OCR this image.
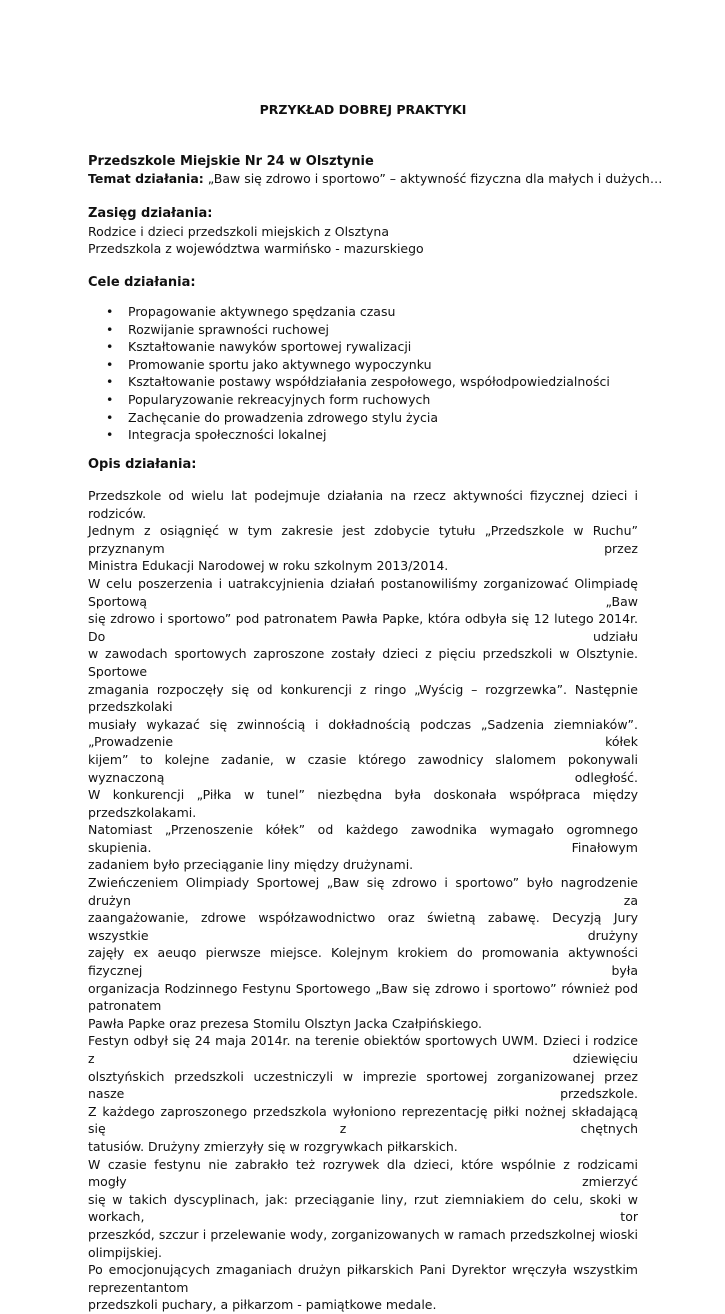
PRZYKŁAD DOBREJ PRAKTYKI
Przedszkole Miejskie Nr 24 w Olsztynie
Temat działania: „Baw się zdrowo i sportowo” – aktywność fizyczna dla małych i dużych…
Zasięg działania:
Rodzice i dzieci przedszkoli miejskich z Olsztyna
Przedszkola z województwa warmińsko - mazurskiego
Cele działania:
• Propagowanie aktywnego spędzania czasu
• Rozwijanie sprawności ruchowej
• Kształtowanie nawyków sportowej rywalizacji
• Promowanie sportu jako aktywnego wypoczynku
• Kształtowanie postawy współdziałania zespołowego, współodpowiedzialności
• Popularyzowanie rekreacyjnych form ruchowych
• Zachęcanie do prowadzenia zdrowego stylu życia
• Integracja społeczności lokalnej
Opis działania:
Przedszkole od wielu lat podejmuje działania na rzecz aktywności fizycznej dzieci i rodziców.
Jednym z osiągnięć w tym zakresie jest zdobycie tytułu „Przedszkole w Ruchu” przyznanym przez
Ministra Edukacji Narodowej w roku szkolnym 2013/2014.
W celu poszerzenia i uatrakcyjnienia działań postanowiliśmy zorganizować Olimpiadę Sportową „Baw
się zdrowo i sportowo” pod patronatem Pawła Papke, która odbyła się 12 lutego 2014r. Do udziału
w zawodach sportowych zaproszone zostały dzieci z pięciu przedszkoli w Olsztynie. Sportowe
zmagania rozpoczęły się od konkurencji z ringo „Wyścig – rozgrzewka”. Następnie przedszkolaki
musiały wykazać się zwinnością i dokładnością podczas „Sadzenia ziemniaków”. „Prowadzenie kółek
kijem” to kolejne zadanie, w czasie którego zawodnicy slalomem pokonywali wyznaczoną odległość.
W konkurencji „Piłka w tunel” niezbędna była doskonała współpraca między przedszkolakami.
Natomiast „Przenoszenie kółek” od każdego zawodnika wymagało ogromnego skupienia. Finałowym
zadaniem było przeciąganie liny między drużynami.
Zwieńczeniem Olimpiady Sportowej „Baw się zdrowo i sportowo” było nagrodzenie drużyn za
zaangażowanie, zdrowe współzawodnictwo oraz świetną zabawę. Decyzją Jury wszystkie drużyny
zajęły ex aeuqo pierwsze miejsce. Kolejnym krokiem do promowania aktywności fizycznej była
organizacja Rodzinnego Festynu Sportowego „Baw się zdrowo i sportowo” również pod patronatem
Pawła Papke oraz prezesa Stomilu Olsztyn Jacka Czałpińskiego.
Festyn odbył się 24 maja 2014r. na terenie obiektów sportowych UWM. Dzieci i rodzice z dziewięciu
olsztyńskich przedszkoli uczestniczyli w imprezie sportowej zorganizowanej przez nasze przedszkole.
Z każdego zaproszonego przedszkola wyłoniono reprezentację piłki nożnej składającą się z chętnych
tatusiów. Drużyny zmierzyły się w rozgrywkach piłkarskich.
W czasie festynu nie zabrakło też rozrywek dla dzieci, które wspólnie z rodzicami mogły zmierzyć
się w takich dyscyplinach, jak: przeciąganie liny, rzut ziemniakiem do celu, skoki w workach, tor
przeszkód, szczur i przelewanie wody, zorganizowanych w ramach przedszkolnej wioski olimpijskiej.
Po emocjonujących zmaganiach drużyn piłkarskich Pani Dyrektor wręczyła wszystkim reprezentantom
przedszkoli puchary, a piłkarzom - pamiątkowe medale.
